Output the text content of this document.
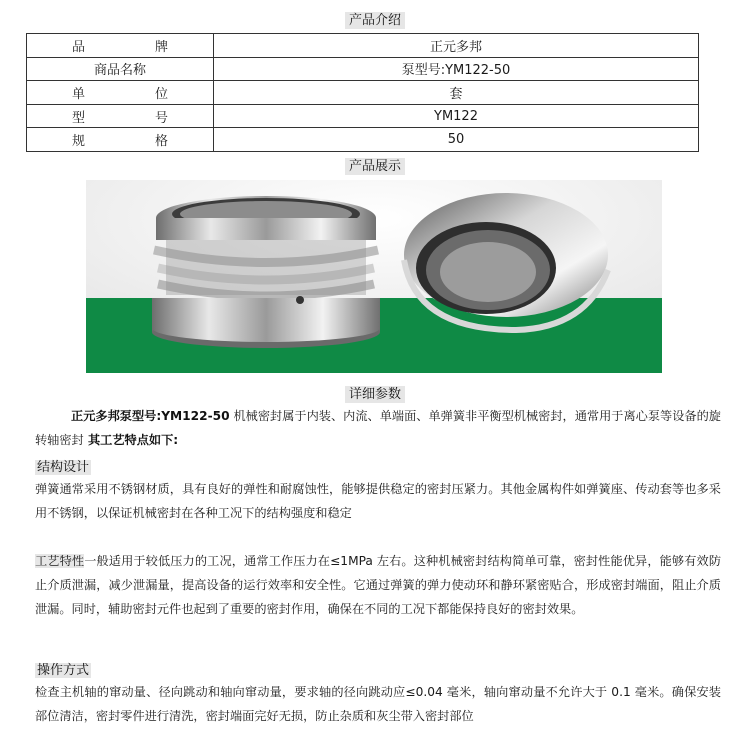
产品介绍
品牌	正元多邦
商品名称	泵型号:YM122-50
单位	套
型号	YM122
规格	50
产品展示
详细参数
正元多邦泵型号:YM122-50 机械密封属于内装、内流、单端面、单弹簧非平衡型机械密封，通常用于离心泵等设备的旋转轴密封 其工艺特点如下:
结构设计
弹簧通常采用不锈钢材质，具有良好的弹性和耐腐蚀性，能够提供稳定的密封压紧力。其他金属构件如弹簧座、传动套等也多采用不锈钢，以保证机械密封在各种工况下的结构强度和稳定
工艺特性一般适用于较低压力的工况，通常工作压力在≤1MPa 左右。这种机械密封结构简单可靠，密封性能优异，能够有效防止介质泄漏，减少泄漏量，提高设备的运行效率和安全性。它通过弹簧的弹力使动环和静环紧密贴合，形成密封端面，阻止介质泄漏。同时，辅助密封元件也起到了重要的密封作用，确保在不同的工况下都能保持良好的密封效果。
操作方式
检查主机轴的窜动量、径向跳动和轴向窜动量，要求轴的径向跳动应≤0.04 毫米，轴向窜动量不允许大于 0.1 毫米。确保安装部位清洁，密封零件进行清洗，密封端面完好无损，防止杂质和灰尘带入密封部位
